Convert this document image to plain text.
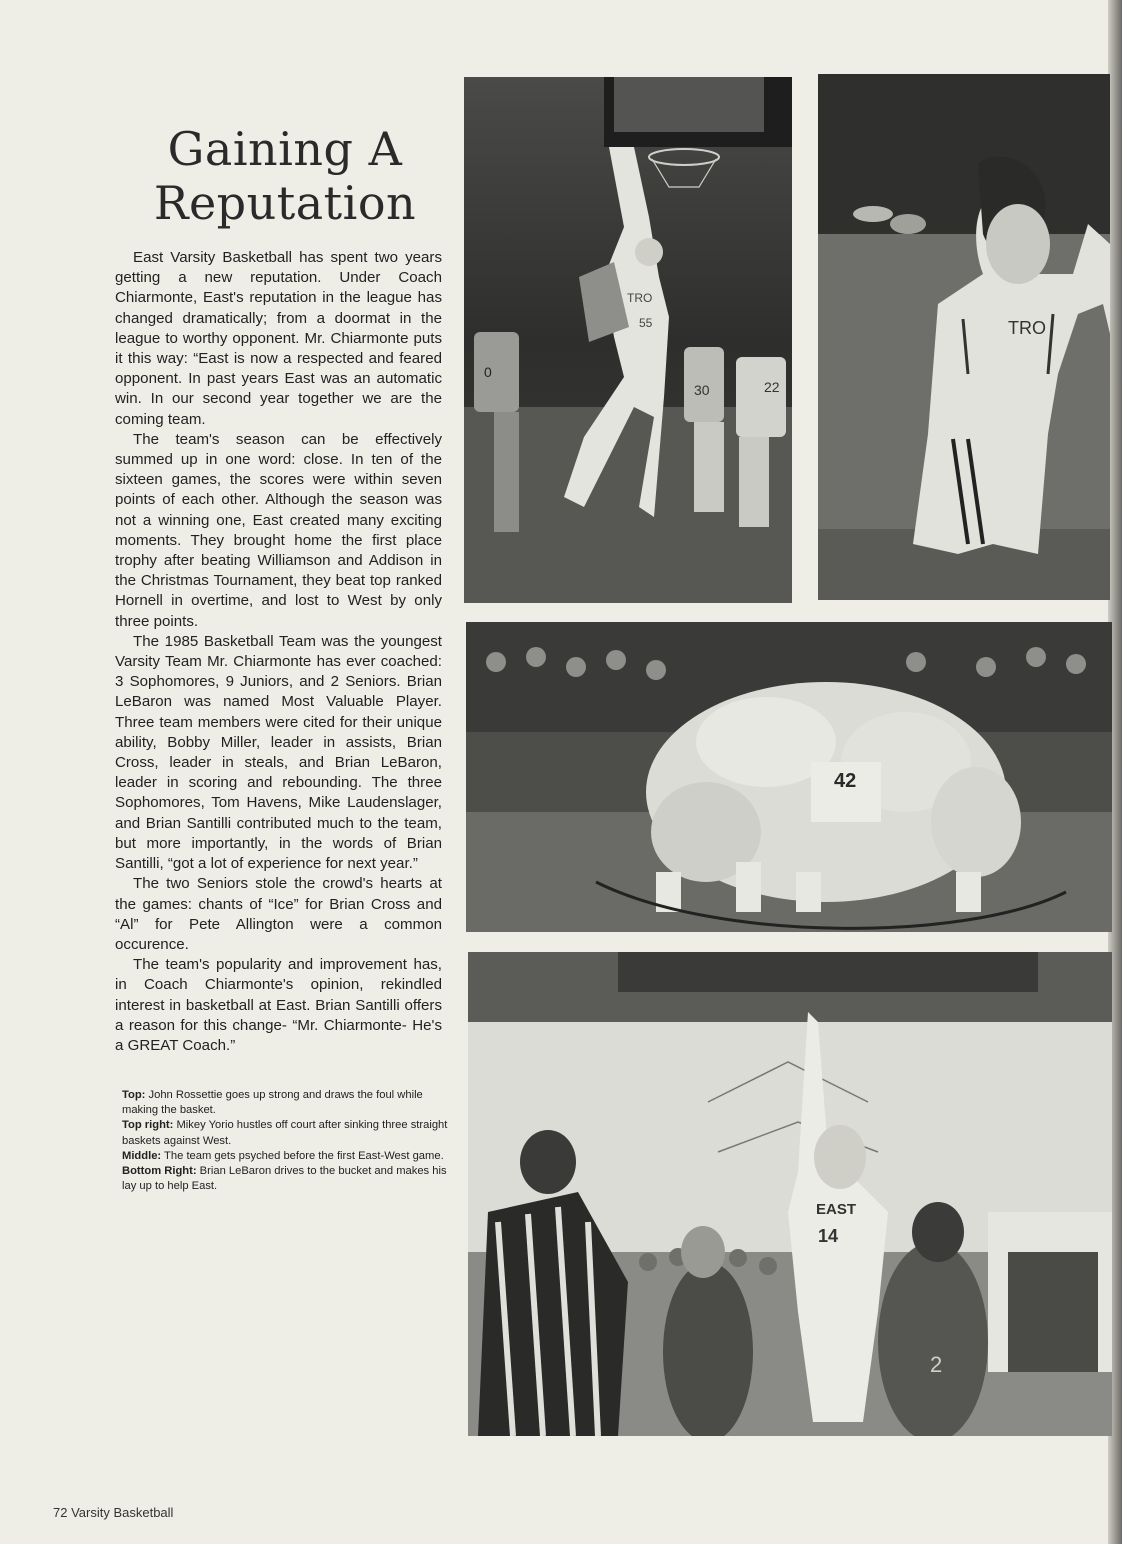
Gaining A
Reputation

East Varsity Basketball has spent two years getting a new reputation. Under Coach Chiarmonte, East's reputation in the league has changed dramatically; from a doormat in the league to worthy opponent. Mr. Chiarmonte puts it this way: “East is now a respected and feared opponent. In past years East was an automatic win. In our second year together we are the coming team.

The team's season can be effectively summed up in one word: close. In ten of the sixteen games, the scores were within seven points of each other. Although the season was not a winning one, East created many exciting moments. They brought home the first place trophy after beating Williamson and Addison in the Christmas Tournament, they beat top ranked Hornell in overtime, and lost to West by only three points.

The 1985 Basketball Team was the youngest Varsity Team Mr. Chiarmonte has ever coached: 3 Sophomores, 9 Juniors, and 2 Seniors. Brian LeBaron was named Most Valuable Player. Three team members were cited for their unique ability, Bobby Miller, leader in assists, Brian Cross, leader in steals, and Brian LeBaron, leader in scoring and rebounding. The three Sophomores, Tom Havens, Mike Laudenslager, and Brian Santilli contributed much to the team, but more importantly, in the words of Brian Santilli, “got a lot of experience for next year.”

The two Seniors stole the crowd's hearts at the games: chants of “Ice” for Brian Cross and “Al” for Pete Allington were a common occurence.

The team's popularity and improvement has, in Coach Chiarmonte's opinion, rekindled interest in basketball at East. Brian Santilli offers a reason for this change- “Mr. Chiarmonte- He's a GREAT Coach.”

Top: John Rossettie goes up strong and draws the foul while making the basket.

Top right: Mikey Yorio hustles off court after sinking three straight baskets against West.

Middle: The team gets psyched before the first East-West game.

Bottom Right: Brian LeBaron drives to the bucket and makes his lay up to help East.

72 Varsity Basketball
TRO
55
30	22
0
TRO
42
EAST
14
2
